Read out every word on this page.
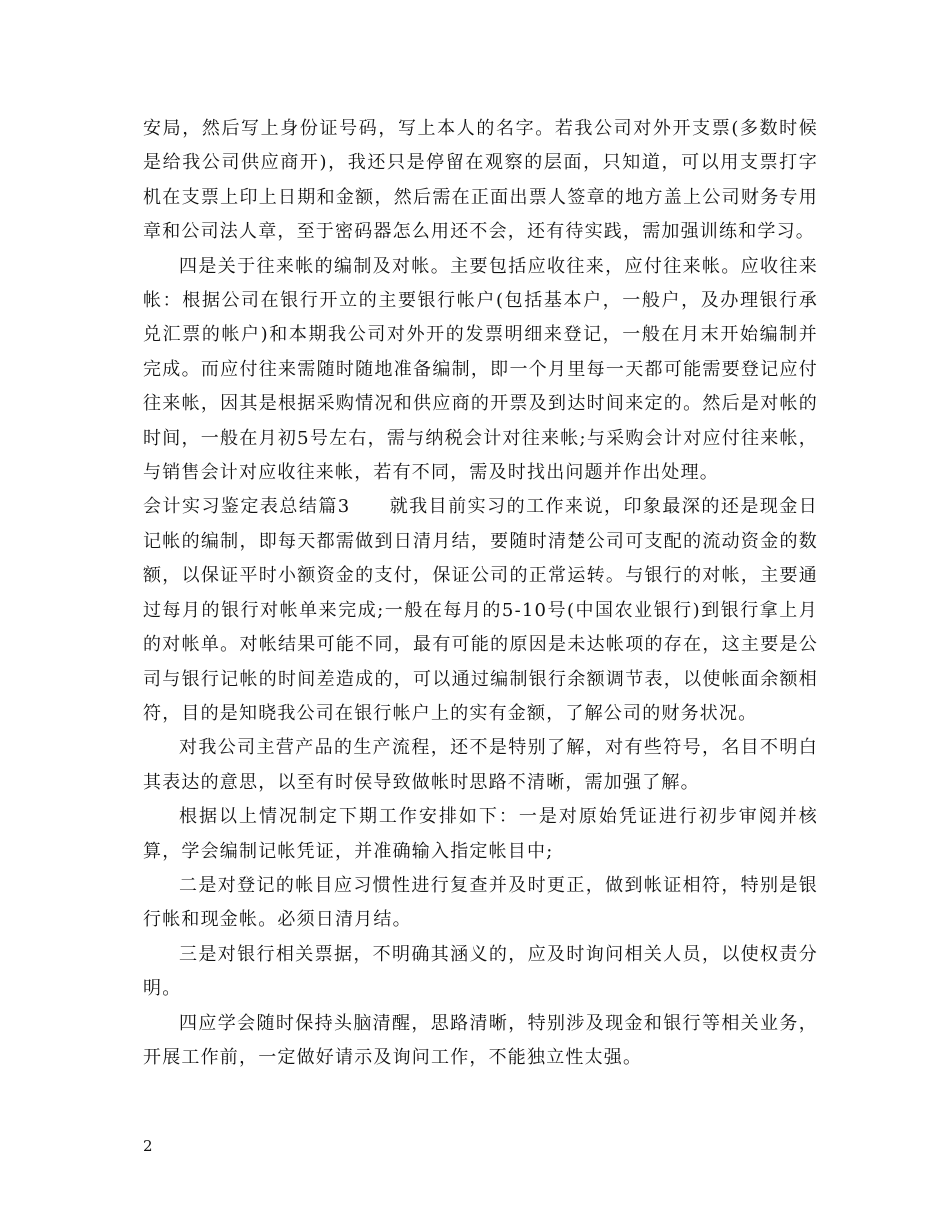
安局，然后写上身份证号码，写上本人的名字。若我公司对外开支票(多数时候是给我公司供应商开)，我还只是停留在观察的层面，只知道，可以用支票打字机在支票上印上日期和金额，然后需在正面出票人签章的地方盖上公司财务专用章和公司法人章，至于密码器怎么用还不会，还有待实践，需加强训练和学习。

四是关于往来帐的编制及对帐。主要包括应收往来，应付往来帐。应收往来帐：根据公司在银行开立的主要银行帐户(包括基本户，一般户，及办理银行承兑汇票的帐户)和本期我公司对外开的发票明细来登记，一般在月末开始编制并完成。而应付往来需随时随地准备编制，即一个月里每一天都可能需要登记应付往来帐，因其是根据采购情况和供应商的开票及到达时间来定的。然后是对帐的时间，一般在月初5号左右，需与纳税会计对往来帐;与采购会计对应付往来帐，与销售会计对应收往来帐，若有不同，需及时找出问题并作出处理。

会计实习鉴定表总结篇3　　就我目前实习的工作来说，印象最深的还是现金日记帐的编制，即每天都需做到日清月结，要随时清楚公司可支配的流动资金的数额，以保证平时小额资金的支付，保证公司的正常运转。与银行的对帐，主要通过每月的银行对帐单来完成;一般在每月的5-10号(中国农业银行)到银行拿上月的对帐单。对帐结果可能不同，最有可能的原因是未达帐项的存在，这主要是公司与银行记帐的时间差造成的，可以通过编制银行余额调节表，以使帐面余额相符，目的是知晓我公司在银行帐户上的实有金额，了解公司的财务状况。

对我公司主营产品的生产流程，还不是特别了解，对有些符号，名目不明白其表达的意思，以至有时侯导致做帐时思路不清晰，需加强了解。

根据以上情况制定下期工作安排如下：一是对原始凭证进行初步审阅并核算，学会编制记帐凭证，并准确输入指定帐目中;

二是对登记的帐目应习惯性进行复查并及时更正，做到帐证相符，特别是银行帐和现金帐。必须日清月结。

三是对银行相关票据，不明确其涵义的，应及时询问相关人员，以使权责分明。

四应学会随时保持头脑清醒，思路清晰，特别涉及现金和银行等相关业务，开展工作前，一定做好请示及询问工作，不能独立性太强。

2
